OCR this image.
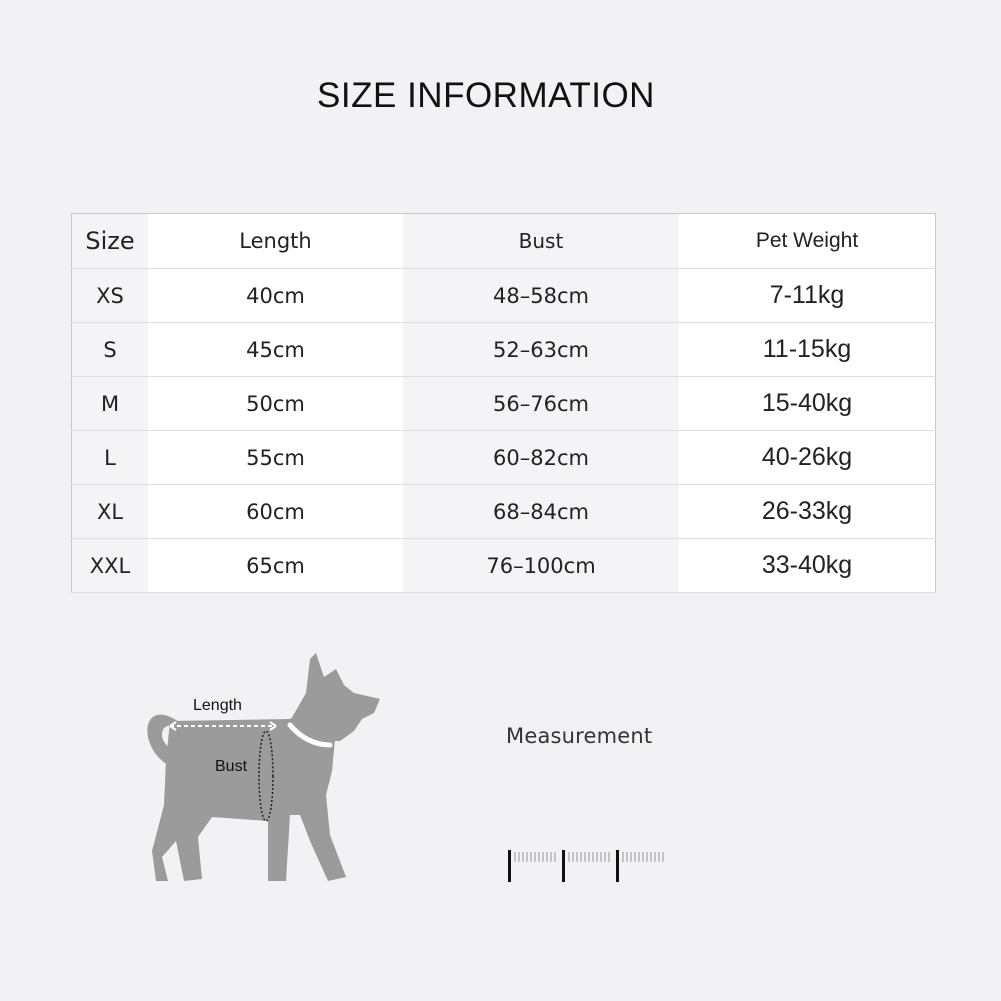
SIZE INFORMATION
Size	Length	Bust	Pet Weight
XS	40cm	48–58cm	7-11kg
S	45cm	52–63cm	11-15kg
M	50cm	56–76cm	15-40kg
L	55cm	60–82cm	40-26kg
XL	60cm	68–84cm	26-33kg
XXL	65cm	76–100cm	33-40kg
Length
Bust
Measurement
